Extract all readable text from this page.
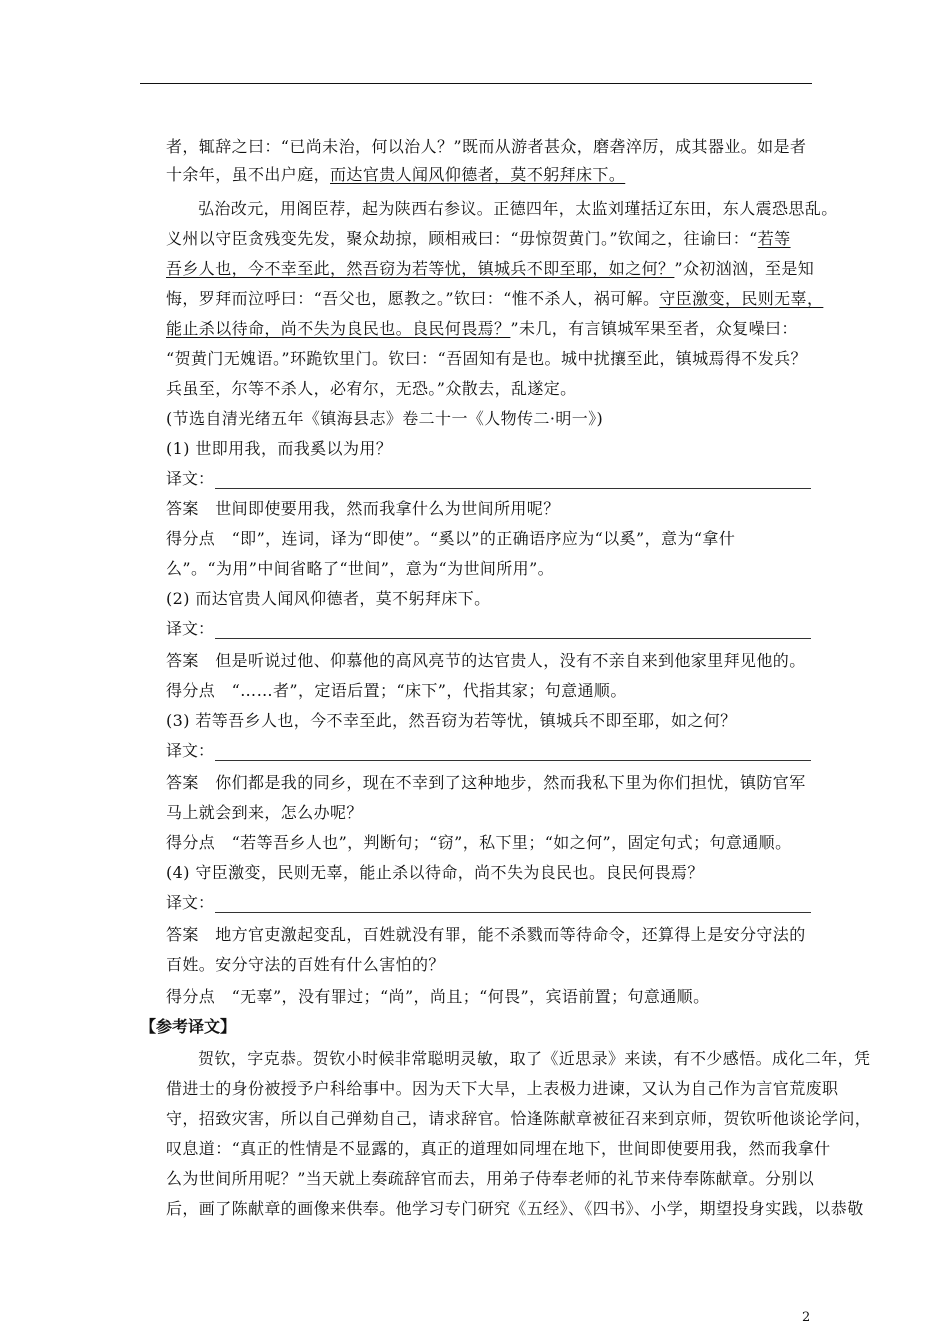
者，辄辞之曰：“已尚未治，何以治人？”既而从游者甚众，磨砻淬厉，成其器业。如是者
十余年，虽不出户庭，而达官贵人闻风仰德者，莫不躬拜床下。
弘治改元，用阁臣荐，起为陕西右参议。正德四年，太监刘瑾括辽东田，东人震恐思乱。
义州以守臣贪残变先发，聚众劫掠，顾相戒曰：“毋惊贺黄门。”钦闻之，往谕曰：“若等
吾乡人也，今不幸至此，然吾窃为若等忧，镇城兵不即至耶，如之何？”众初汹汹，至是知
悔，罗拜而泣呼曰：“吾父也，愿教之。”钦曰：“惟不杀人，祸可解。守臣激变，民则无辜，
能止杀以待命，尚不失为良民也。良民何畏焉？”未几，有言镇城军果至者，众复噪曰：
“贺黄门无媿语。”环跪钦里门。钦曰：“吾固知有是也。城中扰攘至此，镇城焉得不发兵？
兵虽至，尔等不杀人，必宥尔，无恐。”众散去，乱遂定。
(节选自清光绪五年《镇海县志》卷二十一《人物传二·明一》)
(1) 世即用我，而我奚以为用？
译文：
答案　世间即使要用我，然而我拿什么为世间所用呢？
得分点　“即”，连词，译为“即使”。“奚以”的正确语序应为“以奚”，意为“拿什
么”。“为用”中间省略了“世间”，意为“为世间所用”。
(2) 而达官贵人闻风仰德者，莫不躬拜床下。
译文：
答案　但是听说过他、仰慕他的高风亮节的达官贵人，没有不亲自来到他家里拜见他的。
得分点　“……者”，定语后置；“床下”，代指其家；句意通顺。
(3) 若等吾乡人也，今不幸至此，然吾窃为若等忧，镇城兵不即至耶，如之何？
译文：
答案　你们都是我的同乡，现在不幸到了这种地步，然而我私下里为你们担忧，镇防官军
马上就会到来，怎么办呢？
得分点　“若等吾乡人也”，判断句；“窃”，私下里；“如之何”，固定句式；句意通顺。
(4) 守臣激变，民则无辜，能止杀以待命，尚不失为良民也。良民何畏焉？
译文：
答案　地方官吏激起变乱，百姓就没有罪，能不杀戮而等待命令，还算得上是安分守法的
百姓。安分守法的百姓有什么害怕的？
得分点　“无辜”，没有罪过；“尚”，尚且；“何畏”，宾语前置；句意通顺。
【参考译文】
贺钦，字克恭。贺钦小时候非常聪明灵敏，取了《近思录》来读，有不少感悟。成化二年，凭
借进士的身份被授予户科给事中。因为天下大旱，上表极力进谏，又认为自己作为言官荒废职
守，招致灾害，所以自己弹劾自己，请求辞官。恰逢陈献章被征召来到京师，贺钦听他谈论学问，
叹息道：“真正的性情是不显露的，真正的道理如同埋在地下，世间即使要用我，然而我拿什
么为世间所用呢？”当天就上奏疏辞官而去，用弟子侍奉老师的礼节来侍奉陈献章。分别以
后，画了陈献章的画像来供奉。他学习专门研究《五经》、《四书》、小学，期望投身实践，以恭敬
2
